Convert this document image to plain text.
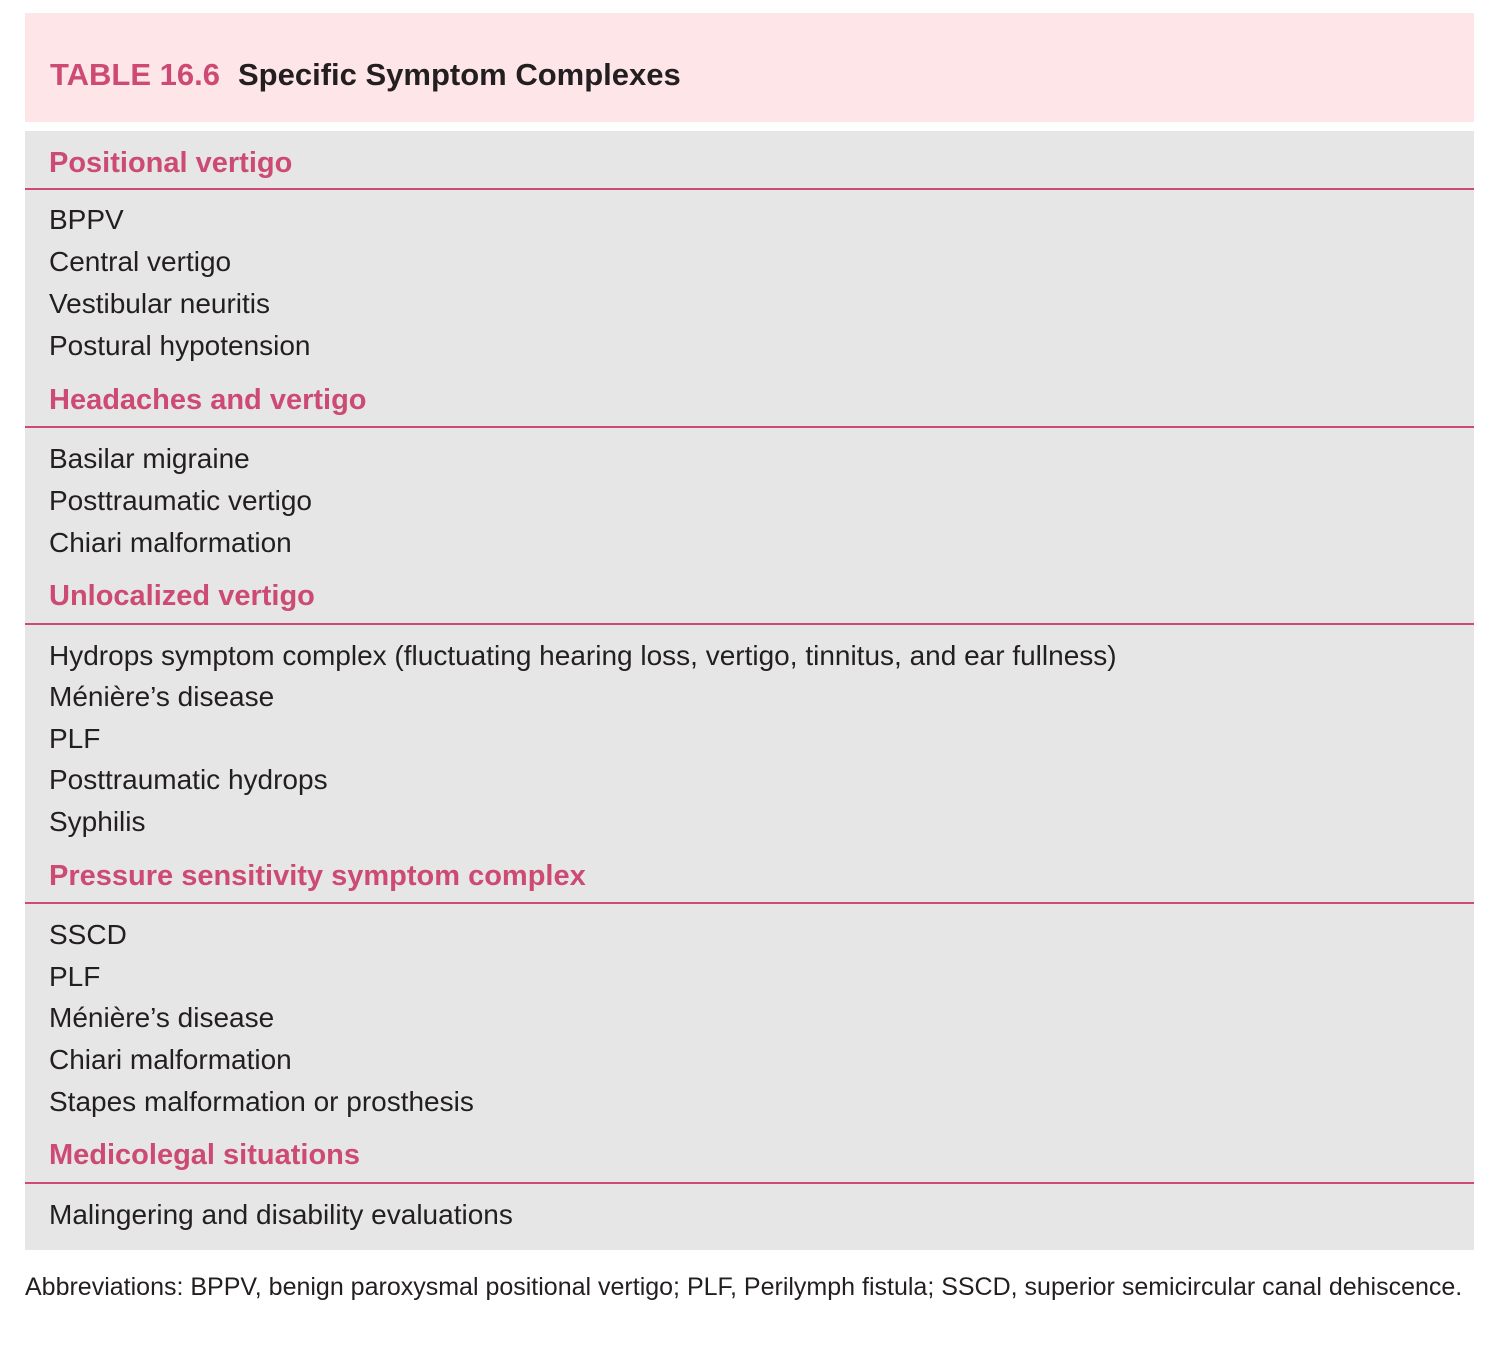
TABLE 16.6 Specific Symptom Complexes
Positional vertigo
BPPV
Central vertigo
Vestibular neuritis
Postural hypotension
Headaches and vertigo
Basilar migraine
Posttraumatic vertigo
Chiari malformation
Unlocalized vertigo
Hydrops symptom complex (fluctuating hearing loss, vertigo, tinnitus, and ear fullness)
Ménière’s disease
PLF
Posttraumatic hydrops
Syphilis
Pressure sensitivity symptom complex
SSCD
PLF
Ménière’s disease
Chiari malformation
Stapes malformation or prosthesis
Medicolegal situations
Malingering and disability evaluations
Abbreviations: BPPV, benign paroxysmal positional vertigo; PLF, Perilymph fistula; SSCD, superior semicircular canal dehiscence.
